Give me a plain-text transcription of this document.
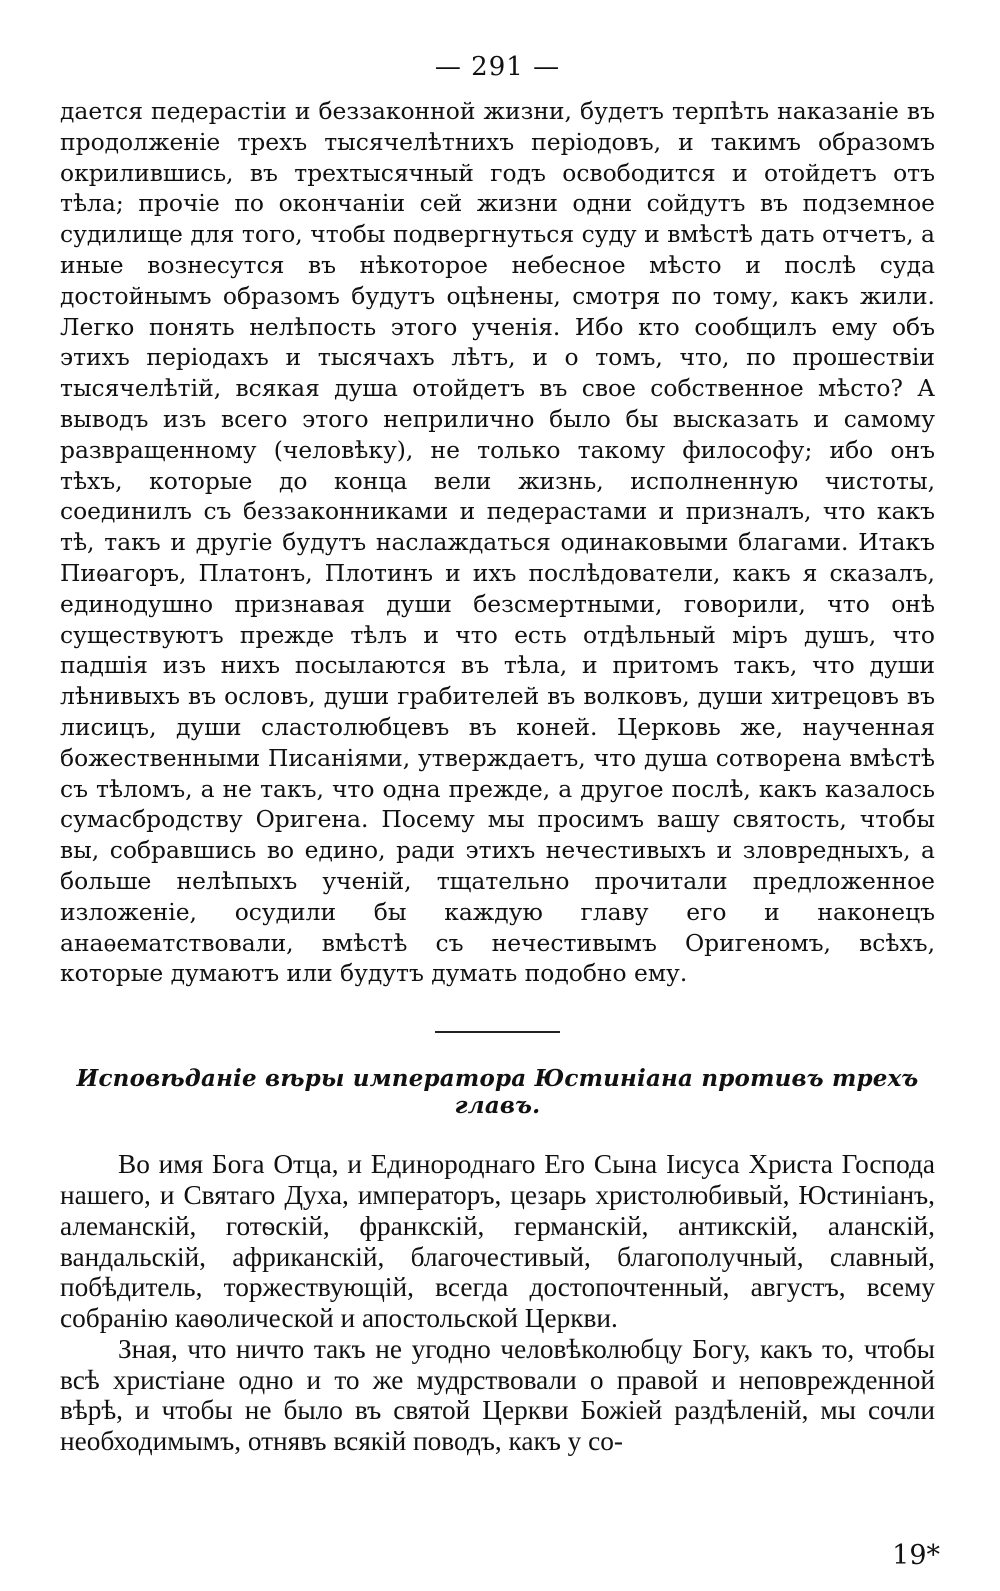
— 291 —

дается педерастіи и беззаконной жизни, будетъ терпѣть наказаніе въ продолженіе трехъ тысячелѣтнихъ періодовъ, и такимъ образомъ окрилившись, въ трехтысячный годъ освободится и отойдетъ отъ тѣла; прочіе по окончаніи сей жизни одни сойдутъ въ подземное судилище для того, чтобы подвергнуться суду и вмѣстѣ дать отчетъ, а иные вознесутся въ нѣкоторое небесное мѣсто и послѣ суда достойнымъ образомъ будутъ оцѣнены, смотря по тому, какъ жили. Легко понять нелѣпость этого ученія. Ибо кто сообщилъ ему объ этихъ періодахъ и тысячахъ лѣтъ, и о томъ, что, по прошествіи тысячелѣтій, всякая душа отойдетъ въ свое собственное мѣсто? А выводъ изъ всего этого неприлично было бы высказать и самому развращенному (человѣку), не только такому философу; ибо онъ тѣхъ, которые до конца вели жизнь, исполненную чистоты, соединилъ съ беззаконниками и педерастами и призналъ, что какъ тѣ, такъ и другіе будутъ наслаждаться одинаковыми благами. Итакъ Пиѳагоръ, Платонъ, Плотинъ и ихъ послѣдователи, какъ я сказалъ, единодушно признавая души безсмертными, говорили, что онѣ существуютъ прежде тѣлъ и что есть отдѣльный міръ душъ, что падшія изъ нихъ посылаются въ тѣла, и притомъ такъ, что души лѣнивыхъ въ ословъ, души грабителей въ волковъ, души хитрецовъ въ лисицъ, души сластолюбцевъ въ коней. Церковь же, наученная божественными Писаніями, утверждаетъ, что душа сотворена вмѣстѣ съ тѣломъ, а не такъ, что одна прежде, а другое послѣ, какъ казалось сумасбродству Оригена. Посему мы просимъ вашу святость, чтобы вы, собравшись во едино, ради этихъ нечестивыхъ и зловредныхъ, а больше нелѣпыхъ ученій, тщательно прочитали предложенное изложеніе, осудили бы каждую главу его и наконецъ анаѳематствовали, вмѣстѣ съ нечестивымъ Оригеномъ, всѣхъ, которые думаютъ или будутъ думать подобно ему.

Исповѣданіе вѣры императора Юстиніана противъ трехъ главъ.

Во имя Бога Отца, и Единороднаго Его Сына Іисуса Христа Господа нашего, и Святаго Духа, императоръ, цезарь христолюбивый, Юстиніанъ, алеманскій, готѳскій, франкскій, германскій, антикскій, аланскій, вандальскій, африканскій, благочестивый, благополучный, славный, побѣдитель, торжествующій, всегда достопочтенный, августъ, всему собранію каѳолической и апостольской Церкви.

Зная, что ничто такъ не угодно человѣколюбцу Богу, какъ то, чтобы всѣ христіане одно и то же мудрствовали о правой и неповрежденной вѣрѣ, и чтобы не было въ святой Церкви Божіей раздѣленій, мы сочли необходимымъ, отнявъ всякій поводъ, какъ у со-

19*
